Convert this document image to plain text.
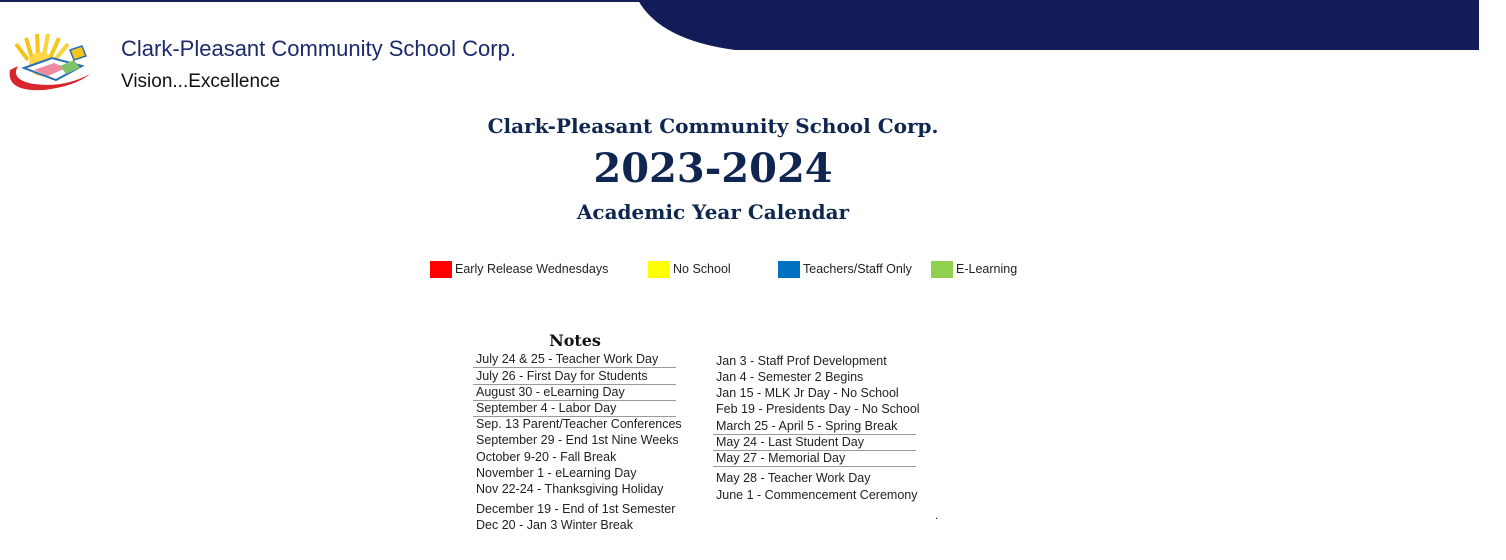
Clark-Pleasant Community School Corp.
Vision...Excellence
Clark-Pleasant Community School Corp.
2023-2024
Academic Year Calendar
Early Release Wednesdays	No School	Teachers/Staff Only	E-Learning
Notes
July 24 & 25 - Teacher Work Day
July 26 - First Day for Students
August 30 - eLearning Day
September 4 - Labor Day
Sep. 13 Parent/Teacher Conferences
September 29 - End 1st Nine Weeks
October 9-20 - Fall Break
November 1 - eLearning Day
Nov 22-24 - Thanksgiving Holiday
December 19 - End of 1st Semester
Dec 20 - Jan 3 Winter Break
Jan 3 - Staff Prof Development
Jan 4 - Semester 2 Begins
Jan 15 - MLK Jr Day - No School
Feb 19 - Presidents Day - No School
March 25 - April 5 - Spring Break
May 24 - Last Student Day
May 27 - Memorial Day
May 28 - Teacher Work Day
June 1 - Commencement Ceremony
.
